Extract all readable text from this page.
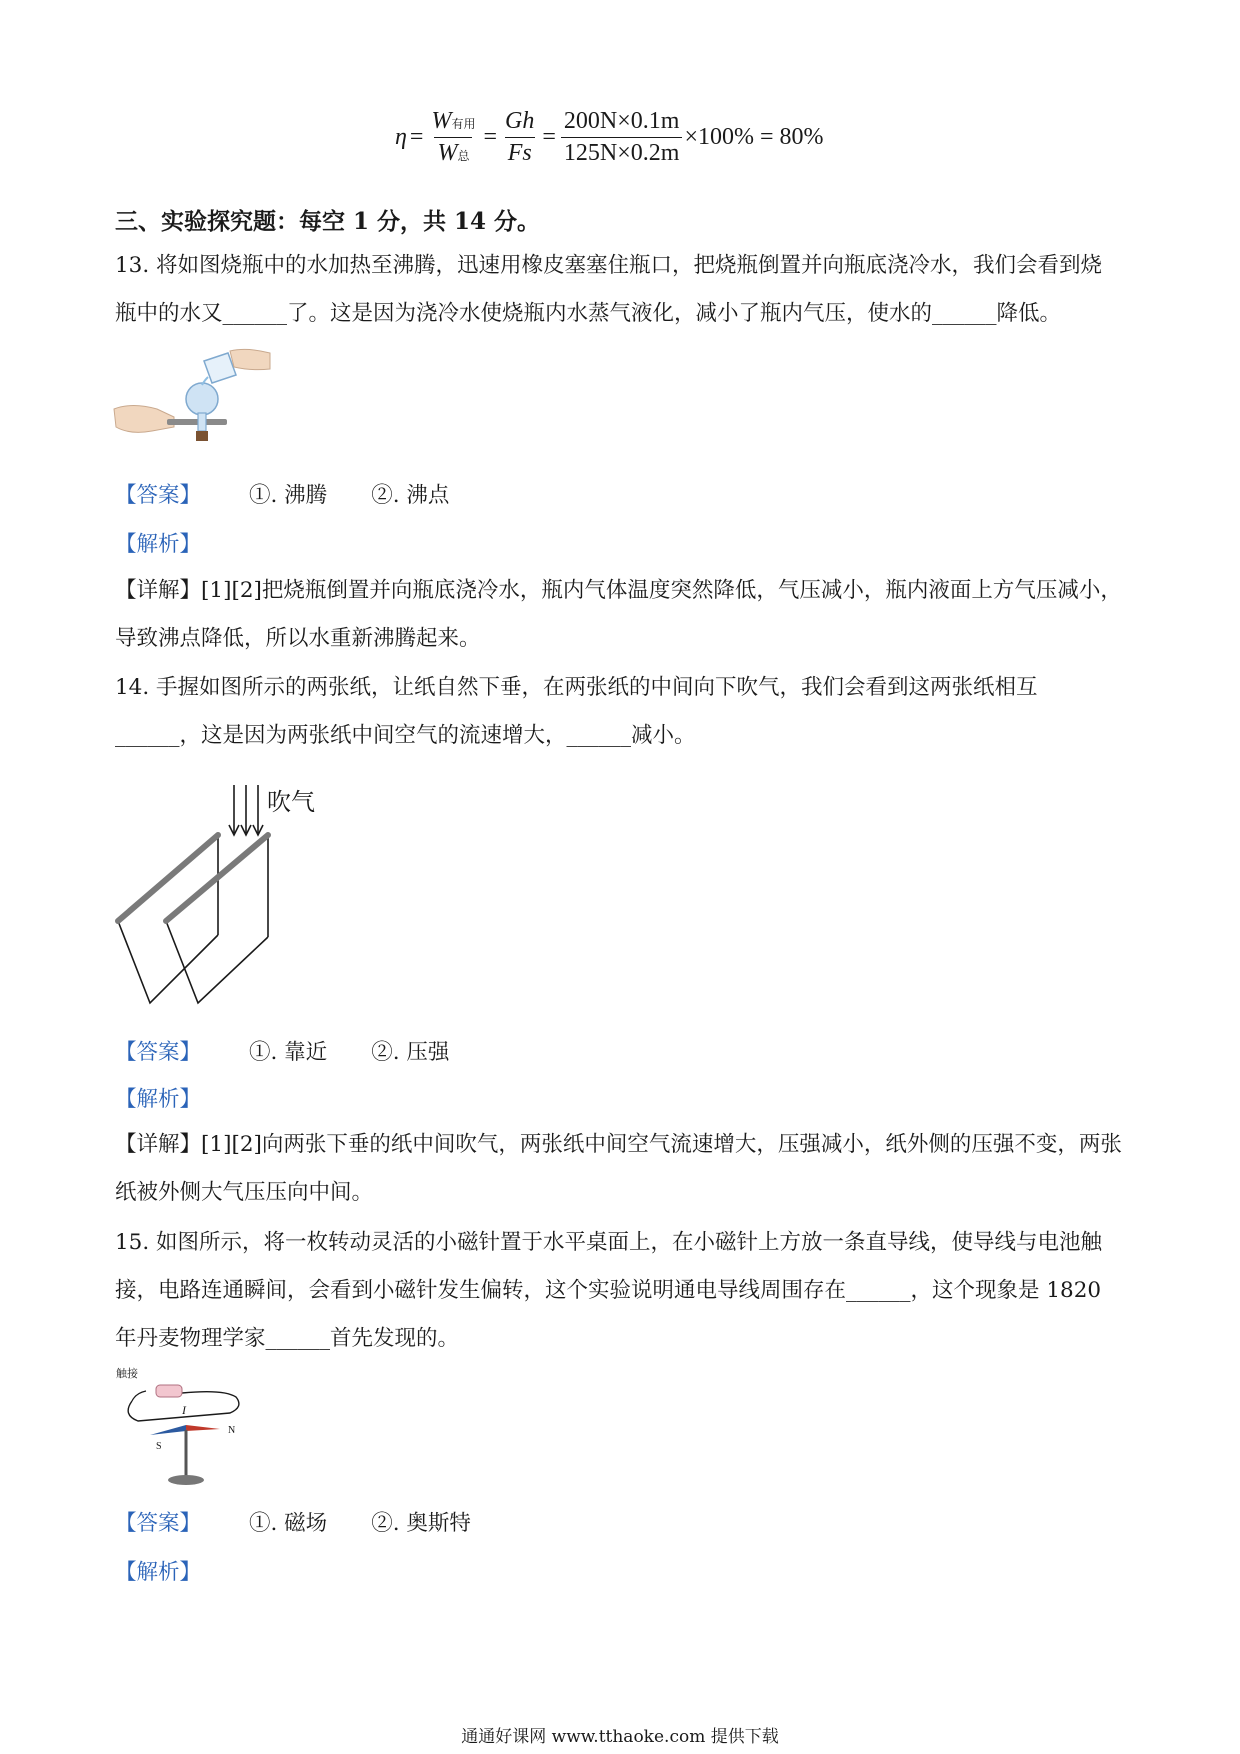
$\eta = \frac{\text{W有用}}{\text{W总}} = \frac{Gh}{Fs} = \frac{200N\times 0.1m}{125N\times 0.2m} \times 100\% = 80\%$
三、实验探究题：每空 1 分，共 14 分。
13. 将如图烧瓶中的水加热至沸腾，迅速用橡皮塞塞住瓶口，把烧瓶倒置并向瓶底浇冷水，我们会看到烧
瓶中的水又______了。这是因为浇冷水使烧瓶内水蒸气液化，减小了瓶内气压，使水的______降低。
【答案】 ①. 沸腾 ②. 沸点
【解析】
【详解】[1][2]把烧瓶倒置并向瓶底浇冷水，瓶内气体温度突然降低，气压减小，瓶内液面上方气压减小，
导致沸点降低，所以水重新沸腾起来。
14. 手握如图所示的两张纸，让纸自然下垂，在两张纸的中间向下吹气，我们会看到这两张纸相互
______，这是因为两张纸中间空气的流速增大，______减小。
吹气
【答案】 ①. 靠近 ②. 压强
【解析】
【详解】[1][2]向两张下垂的纸中间吹气，两张纸中间空气流速增大，压强减小，纸外侧的压强不变，两张
纸被外侧大气压压向中间。
15. 如图所示，将一枚转动灵活的小磁针置于水平桌面上，在小磁针上方放一条直导线，使导线与电池触
接，电路连通瞬间，会看到小磁针发生偏转，这个实验说明通电导线周围存在______，这个现象是 1820
年丹麦物理学家______首先发现的。
触接
I
S
N
【答案】 ①. 磁场 ②. 奥斯特
【解析】
通通好课网 www.tthaoke.com 提供下载
